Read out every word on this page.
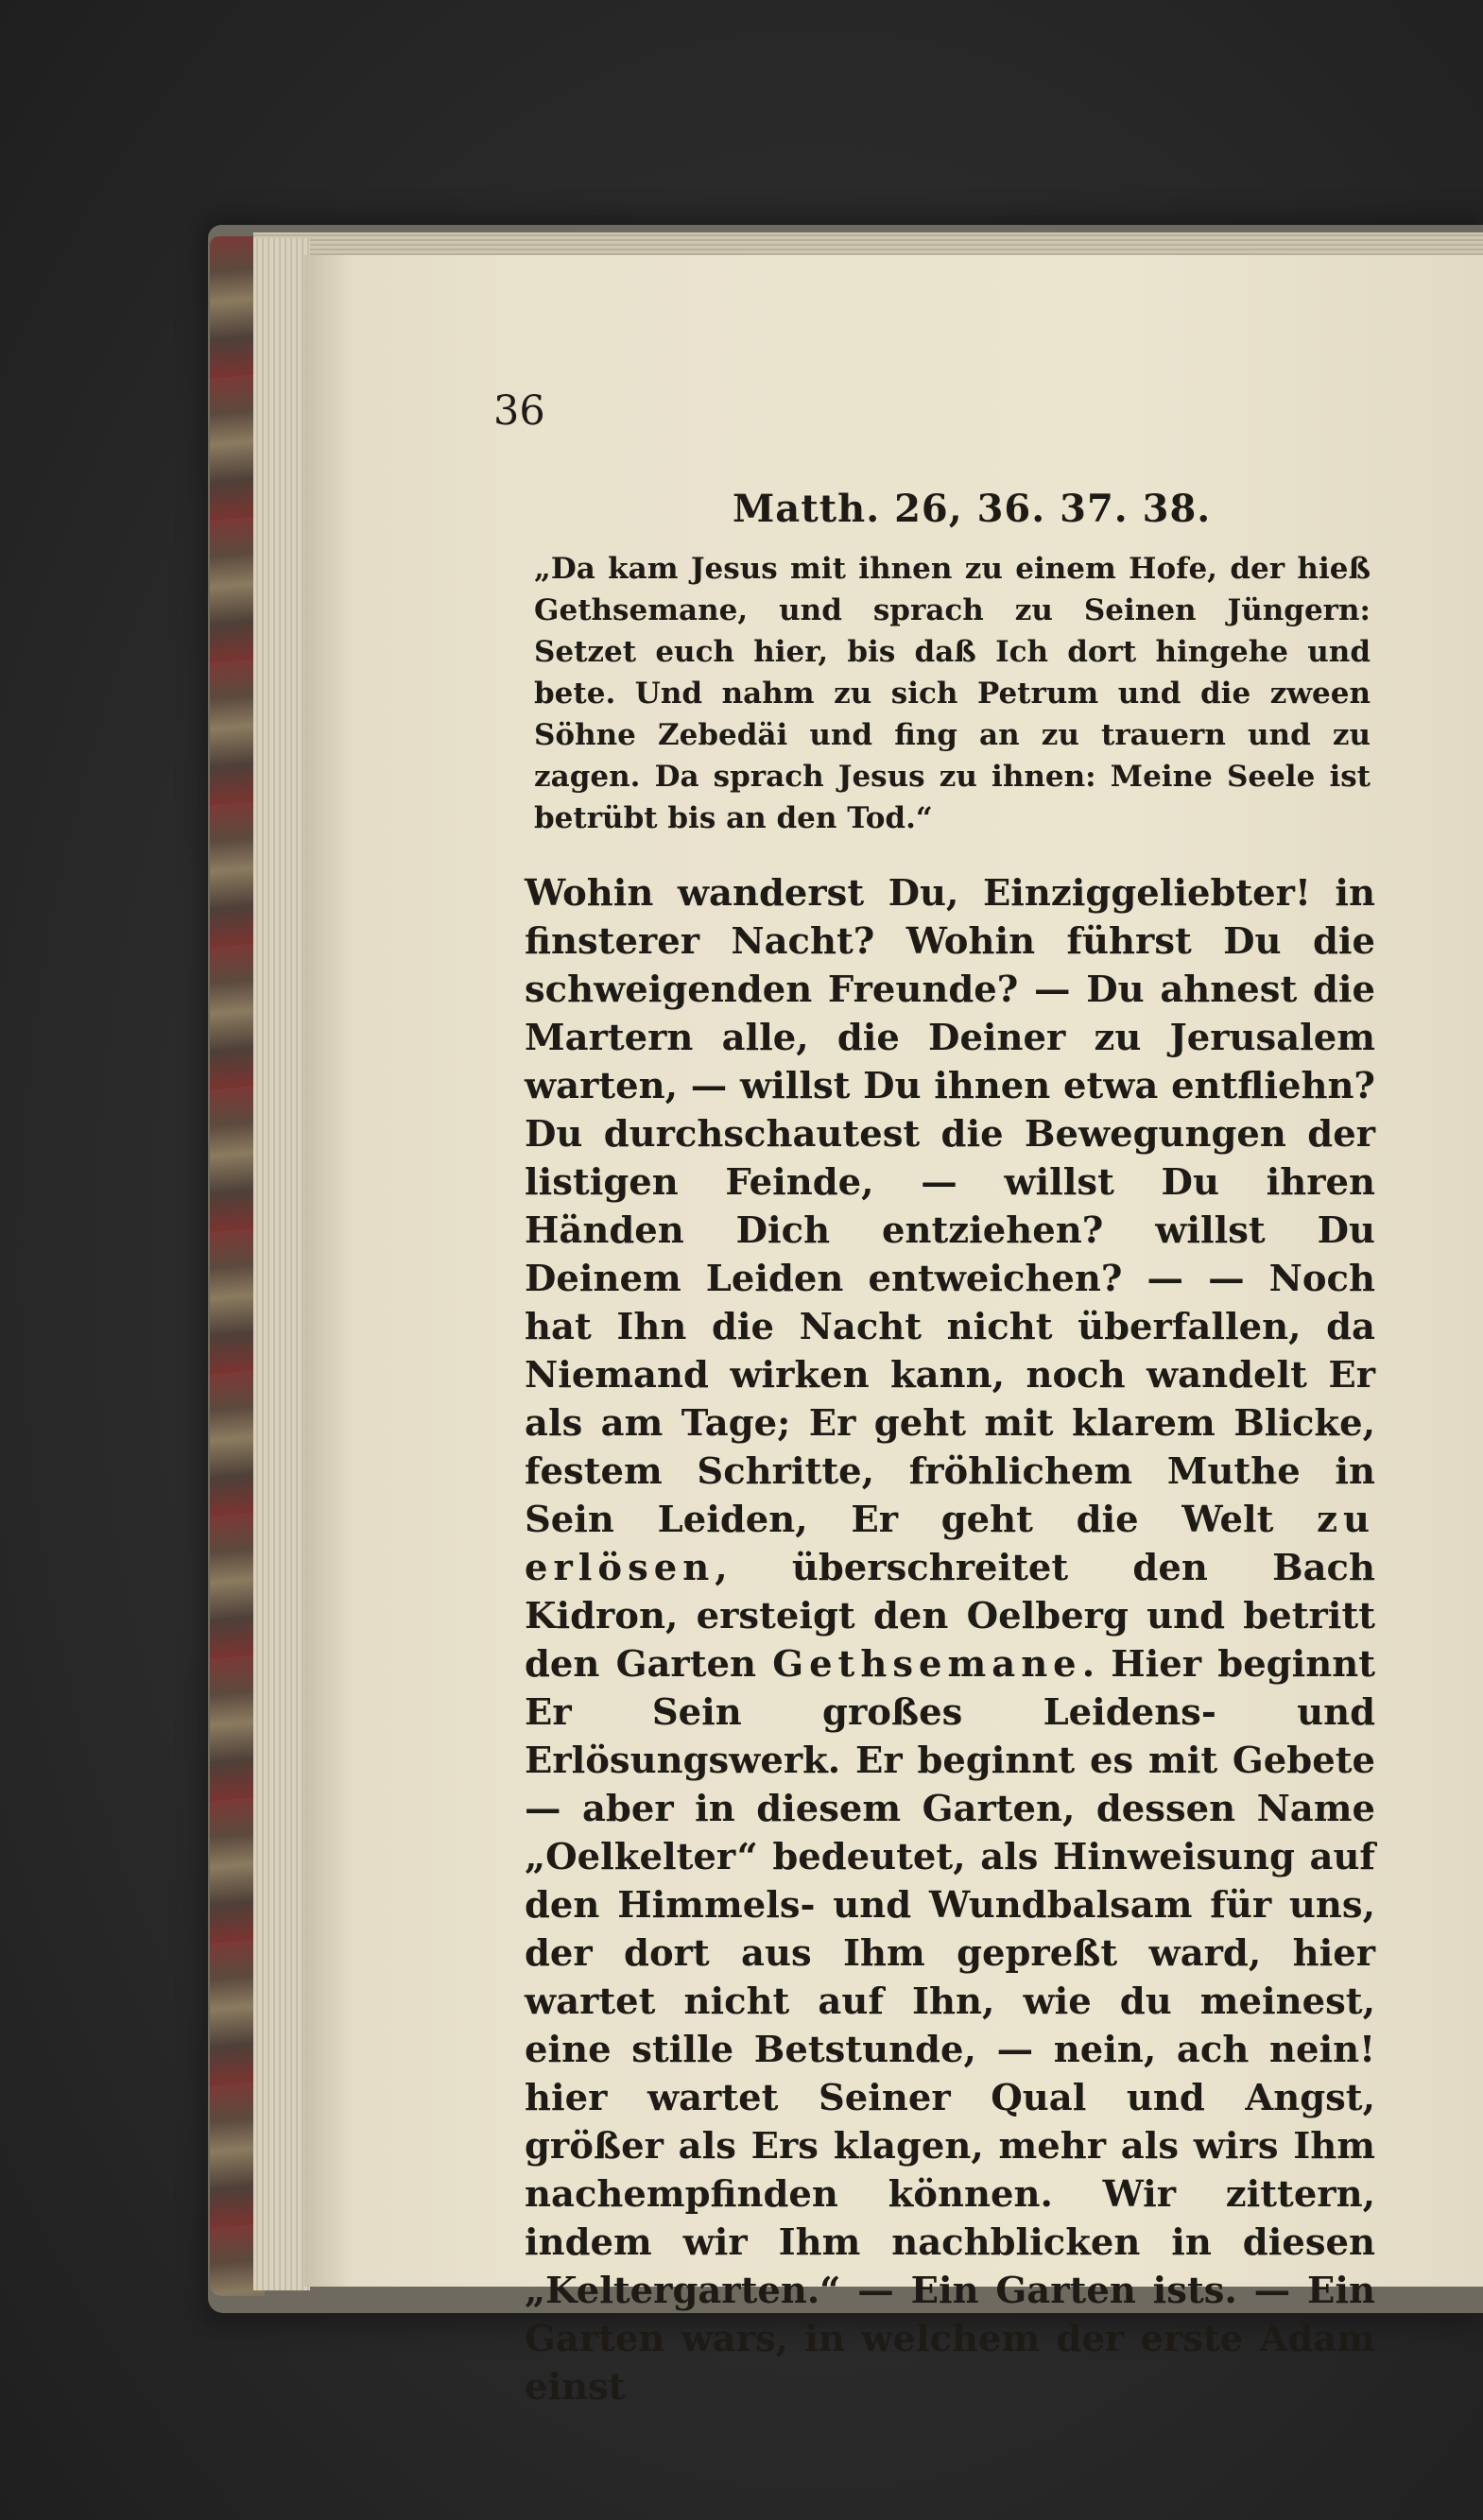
36

Matth. 26, 36. 37. 38.

„Da kam Jesus mit ihnen zu einem Hofe, der hieß Gethsemane, und sprach zu Seinen Jüngern: Setzet euch hier, bis daß Ich dort hingehe und bete. Und nahm zu sich Petrum und die zween Söhne Zebedäi und fing an zu trauern und zu zagen. Da sprach Jesus zu ihnen: Meine Seele ist betrübt bis an den Tod.“

Wohin wanderst Du, Einziggeliebter! in finsterer Nacht? Wohin führst Du die schweigenden Freunde? — Du ahnest die Martern alle, die Deiner zu Jerusalem warten, — willst Du ihnen etwa entfliehn? Du durchschautest die Bewegungen der listigen Feinde, — willst Du ihren Händen Dich entziehen? willst Du Deinem Leiden entweichen? — — Noch hat Ihn die Nacht nicht überfallen, da Niemand wirken kann, noch wandelt Er als am Tage; Er geht mit klarem Blicke, festem Schritte, fröhlichem Muthe in Sein Leiden, Er geht die Welt zu erlösen, überschreitet den Bach Kidron, ersteigt den Oelberg und betritt den Garten Gethsemane. Hier beginnt Er Sein großes Leidens- und Erlösungswerk. Er beginnt es mit Gebete — aber in diesem Garten, dessen Name „Oelkelter“ bedeutet, als Hinweisung auf den Himmels- und Wundbalsam für uns, der dort aus Ihm gepreßt ward, hier wartet nicht auf Ihn, wie du meinest, eine stille Betstunde, — nein, ach nein! hier wartet Seiner Qual und Angst, größer als Ers klagen, mehr als wirs Ihm nachempfinden können. Wir zittern, indem wir Ihm nachblicken in diesen „Keltergarten.“ — Ein Garten ists. — Ein Garten wars, in welchem der erste Adam einst
